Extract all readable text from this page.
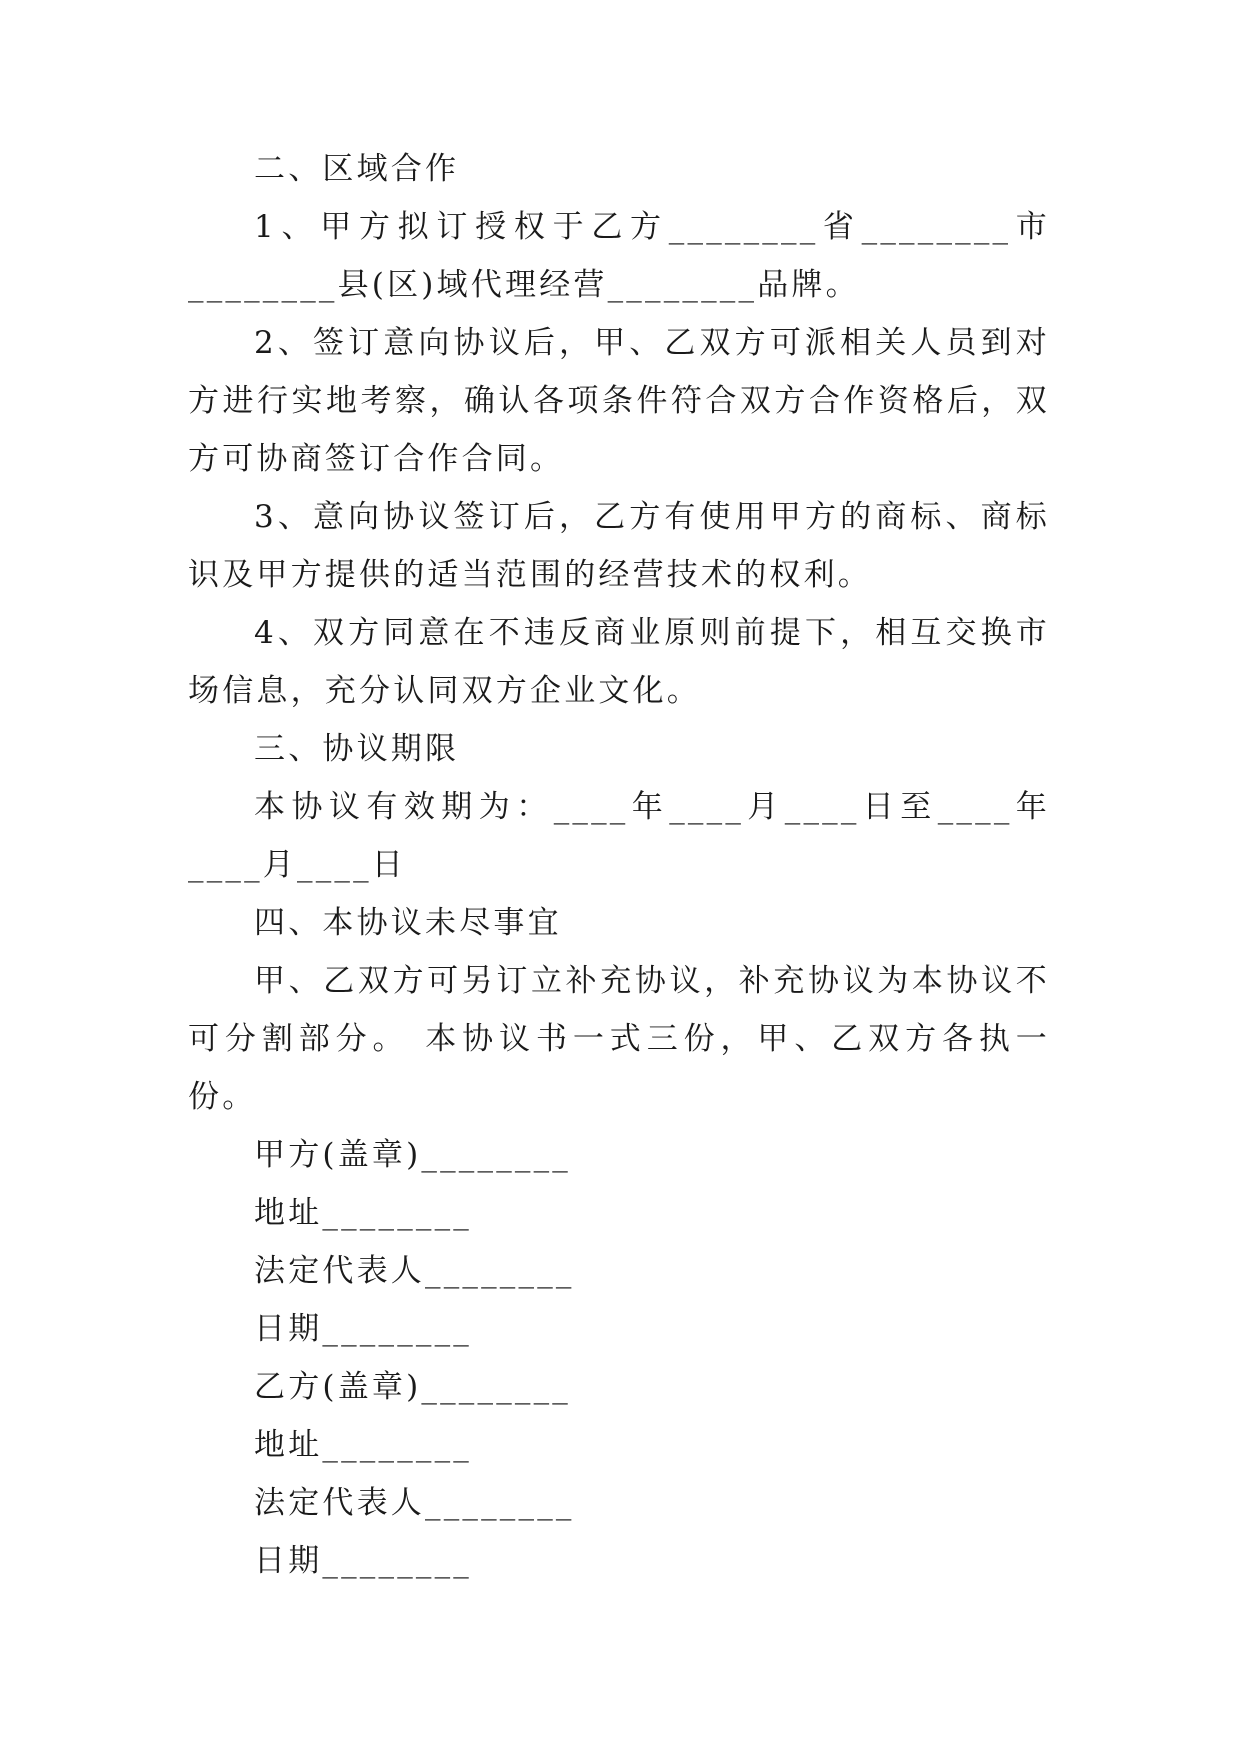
二、区域合作

1、甲方拟订授权于乙方________省________市________县(区)域代理经营________品牌。

2、签订意向协议后，甲、乙双方可派相关人员到对方进行实地考察，确认各项条件符合双方合作资格后，双方可协商签订合作合同。

3、意向协议签订后，乙方有使用甲方的商标、商标识及甲方提供的适当范围的经营技术的权利。

4、双方同意在不违反商业原则前提下，相互交换市场信息，充分认同双方企业文化。

三、协议期限

本协议有效期为：____年____月____日至____年____月____日

四、本协议未尽事宜

甲、乙双方可另订立补充协议，补充协议为本协议不可分割部分。 本协议书一式三份，甲、乙双方各执一份。

甲方(盖章)________

地址________

法定代表人________

日期________

乙方(盖章)________

地址________

法定代表人________

日期________
